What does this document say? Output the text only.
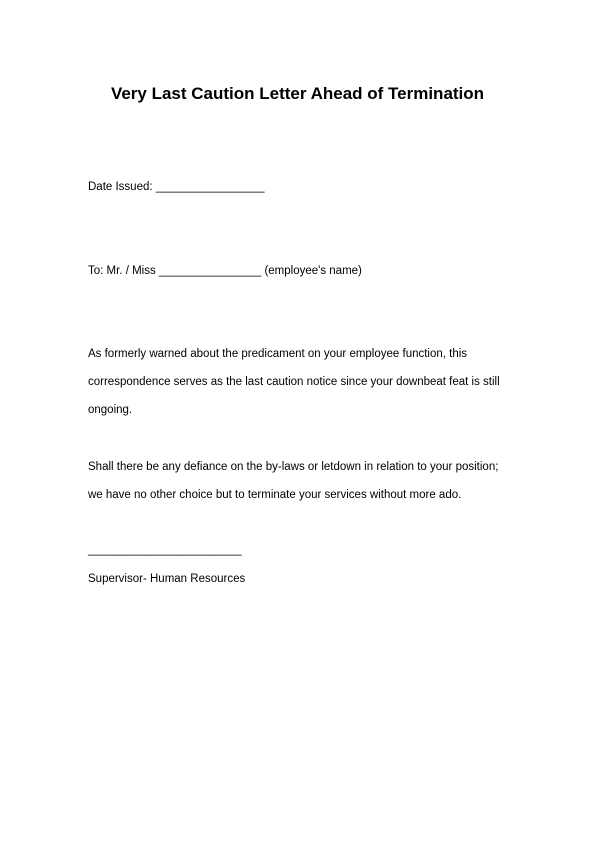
Very Last Caution Letter Ahead of Termination
Date Issued: _________________
To: Mr. / Miss ________________ (employee's name)
As formerly warned about the predicament on your employee function, this
correspondence serves as the last caution notice since your downbeat feat is still
ongoing.
Shall there be any defiance on the by-laws or letdown in relation to your position;
we have no other choice but to terminate your services without more ado.
________________________
Supervisor- Human Resources
